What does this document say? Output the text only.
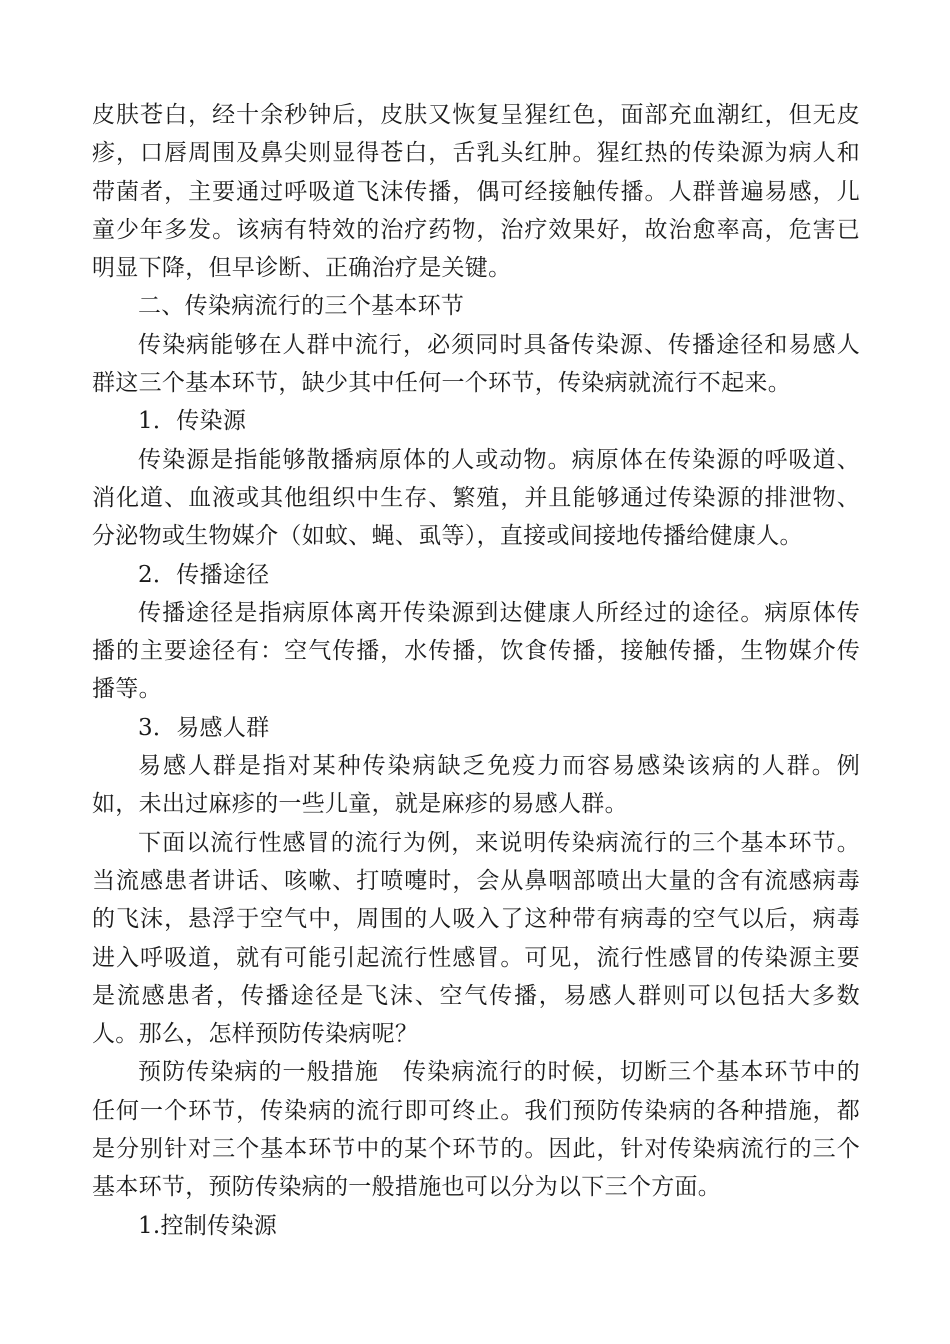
皮肤苍白，经十余秒钟后，皮肤又恢复呈猩红色，面部充血潮红，但无皮疹，口唇周围及鼻尖则显得苍白，舌乳头红肿。猩红热的传染源为病人和带菌者，主要通过呼吸道飞沫传播，偶可经接触传播。人群普遍易感，儿童少年多发。该病有特效的治疗药物，治疗效果好，故治愈率高，危害已明显下降，但早诊断、正确治疗是关键。

二、传染病流行的三个基本环节

传染病能够在人群中流行，必须同时具备传染源、传播途径和易感人群这三个基本环节，缺少其中任何一个环节，传染病就流行不起来。

1．传染源

传染源是指能够散播病原体的人或动物。病原体在传染源的呼吸道、消化道、血液或其他组织中生存、繁殖，并且能够通过传染源的排泄物、分泌物或生物媒介（如蚊、蝇、虱等），直接或间接地传播给健康人。

2．传播途径

传播途径是指病原体离开传染源到达健康人所经过的途径。病原体传播的主要途径有：空气传播，水传播，饮食传播，接触传播，生物媒介传播等。

3．易感人群

易感人群是指对某种传染病缺乏免疫力而容易感染该病的人群。例如，未出过麻疹的一些儿童，就是麻疹的易感人群。

下面以流行性感冒的流行为例，来说明传染病流行的三个基本环节。当流感患者讲话、咳嗽、打喷嚏时，会从鼻咽部喷出大量的含有流感病毒的飞沫，悬浮于空气中，周围的人吸入了这种带有病毒的空气以后，病毒进入呼吸道，就有可能引起流行性感冒。可见，流行性感冒的传染源主要是流感患者，传播途径是飞沫、空气传播，易感人群则可以包括大多数人。那么，怎样预防传染病呢？

预防传染病的一般措施　传染病流行的时候，切断三个基本环节中的任何一个环节，传染病的流行即可终止。我们预防传染病的各种措施，都是分别针对三个基本环节中的某个环节的。因此，针对传染病流行的三个基本环节，预防传染病的一般措施也可以分为以下三个方面。

1.控制传染源
